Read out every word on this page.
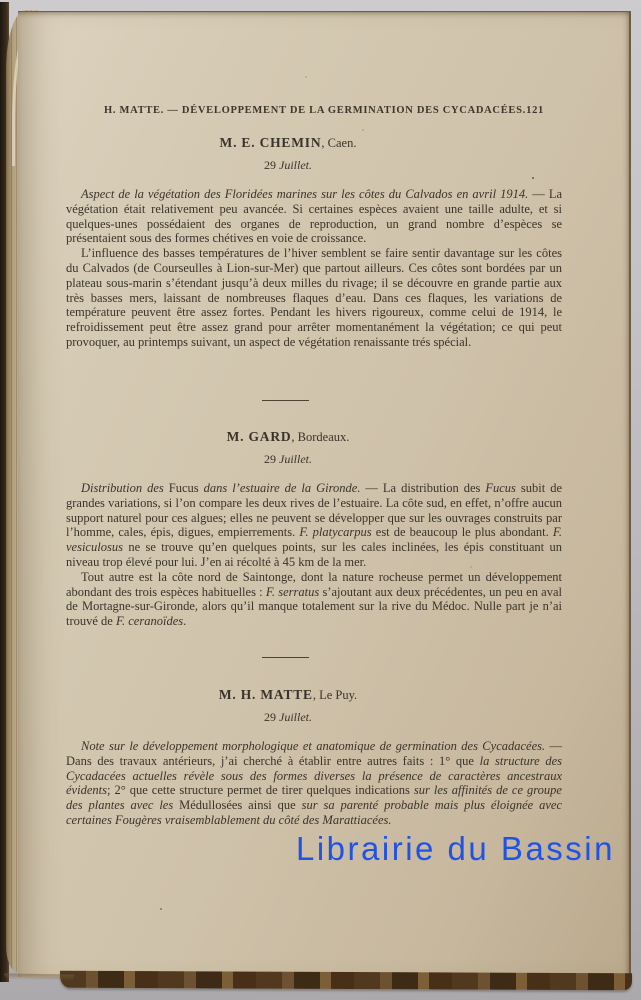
H. MATTE. — DÉVELOPPEMENT DE LA GERMINATION DES CYCADACÉES. 121
M. E. CHEMIN, Caen.
29 Juillet.

Aspect de la végétation des Floridées marines sur les côtes du Calvados en avril 1914. — La végétation était relativement peu avancée. Si certaines espèces avaient une taille adulte, et si quelques-unes possédaient des organes de reproduction, un grand nombre d’espèces se présentaient sous des formes chétives en voie de croissance.

L’influence des basses températures de l’hiver semblent se faire sentir davantage sur les côtes du Calvados (de Courseulles à Lion-sur-Mer) que partout ailleurs. Ces côtes sont bordées par un plateau sous-marin s’étendant jusqu’à deux milles du rivage; il se découvre en grande partie aux très basses mers, laissant de nombreuses flaques d’eau. Dans ces flaques, les variations de température peuvent être assez fortes. Pendant les hivers rigoureux, comme celui de 1914, le refroidissement peut être assez grand pour arrêter momentanément la végétation; ce qui peut provoquer, au printemps suivant, un aspect de végétation renaissante trés spécial.

M. GARD, Bordeaux.
29 Juillet.

Distribution des Fucus dans l’estuaire de la Gironde. — La distribution des Fucus subit de grandes variations, si l’on compare les deux rives de l’estuaire. La côte sud, en effet, n’offre aucun support naturel pour ces algues; elles ne peuvent se développer que sur les ouvrages construits par l’homme, cales, épis, digues, empierrements. F. platycarpus est de beaucoup le plus abondant. F. vesiculosus ne se trouve qu’en quelques points, sur les cales inclinées, les épis constituant un niveau trop élevé pour lui. J’en ai récolté à 45 km de la mer.

Tout autre est la côte nord de Saintonge, dont la nature rocheuse permet un développement abondant des trois espèces habituelles : F. serratus s’ajoutant aux deux précédentes, un peu en aval de Mortagne-sur-Gironde, alors qu’il manque totalement sur la rive du Médoc. Nulle part je n’ai trouvé de F. ceranoïdes.

M. H. MATTE, Le Puy.
29 Juillet.

Note sur le développement morphologique et anatomique de germination des Cycadacées. — Dans des travaux antérieurs, j’ai cherché à établir entre autres faits : 1° que la structure des Cycadacées actuelles révèle sous des formes diverses la présence de caractères ancestraux évidents; 2° que cette structure permet de tirer quelques indications sur les affinités de ce groupe des plantes avec les Médullosées ainsi que sur sa parenté probable mais plus éloignée avec certaines Fougères vraisemblablement du côté des Marattiacées.

Librairie du Bassin
